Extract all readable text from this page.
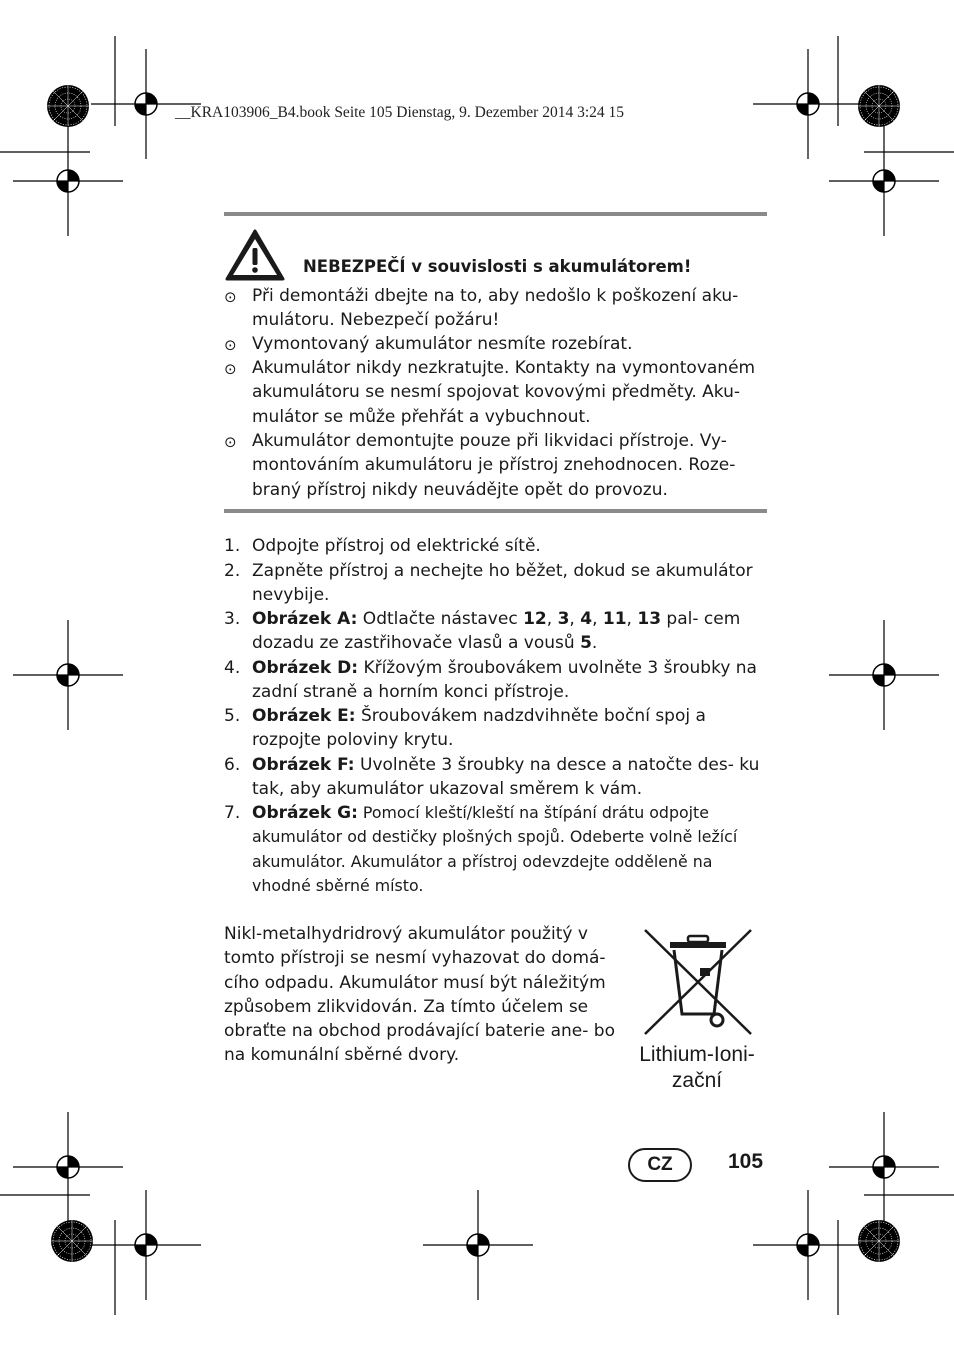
__KRA103906_B4.book Seite 105 Dienstag, 9. Dezember 2014 3:24 15
NEBEZPEČÍ v souvislosti s akumulátorem!
⊙ Při demontáži dbejte na to, aby nedošlo k poškození aku- mulátoru. Nebezpečí požáru!
⊙ Vymontovaný akumulátor nesmíte rozebírat.
⊙ Akumulátor nikdy nezkratujte. Kontakty na vymontovaném akumulátoru se nesmí spojovat kovovými předměty. Aku- mulátor se může přehřát a vybuchnout.
⊙ Akumulátor demontujte pouze při likvidaci přístroje. Vy- montováním akumulátoru je přístroj znehodnocen. Roze- braný přístroj nikdy neuvádějte opět do provozu.
1. Odpojte přístroj od elektrické sítě.
2. Zapněte přístroj a nechejte ho běžet, dokud se akumulátor nevybije.
3. Obrázek A: Odtlačte nástavec 12, 3, 4, 11, 13 pal- cem dozadu ze zastřihovače vlasů a vousů 5.
4. Obrázek D: Křížovým šroubovákem uvolněte 3 šroubky na zadní straně a horním konci přístroje.
5. Obrázek E: Šroubovákem nadzdvihněte boční spoj a rozpojte poloviny krytu.
6. Obrázek F: Uvolněte 3 šroubky na desce a natočte des- ku tak, aby akumulátor ukazoval směrem k vám.
7. Obrázek G: Pomocí kleští/kleští na štípání drátu odpojte akumulátor od destičky plošných spojů. Odeberte volně ležící akumulátor. Akumulátor a přístroj odevzdejte odděleně na vhodné sběrné místo.
Nikl-metalhydridrový akumulátor použitý v tomto přístroji se nesmí vyhazovat do domá- cího odpadu. Akumulátor musí být náležitým způsobem zlikvidován. Za tímto účelem se obraťte na obchod prodávající baterie ane- bo na komunální sběrné dvory.	Lithium-Ioni-
zační
CZ	105
